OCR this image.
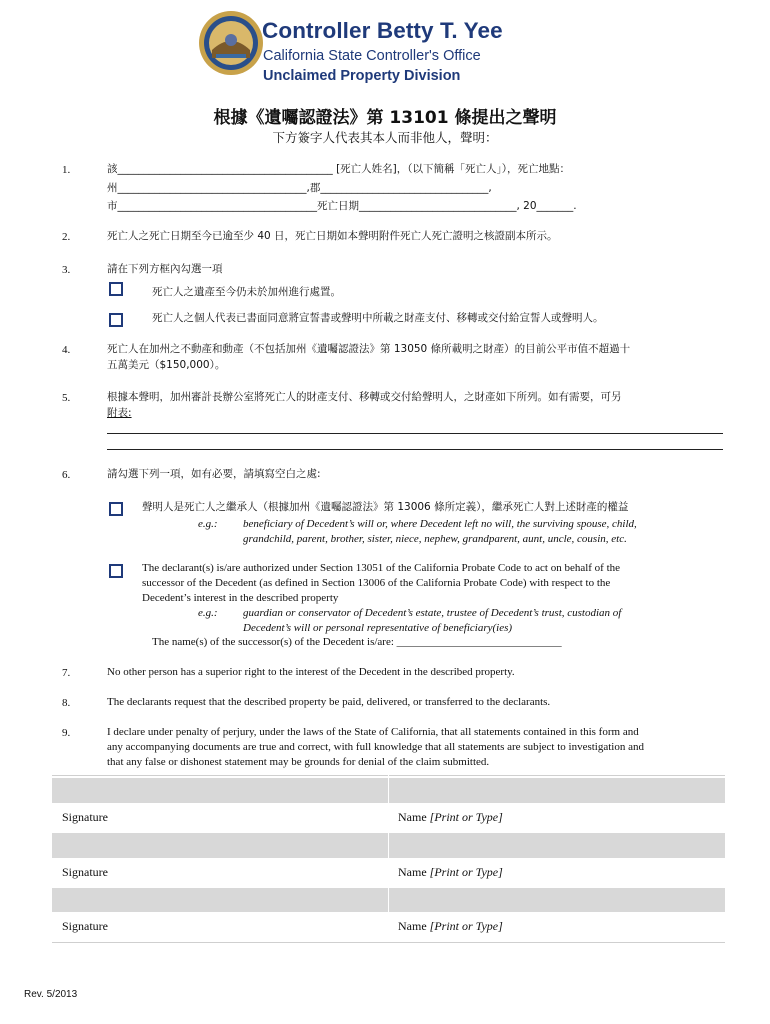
Controller Betty T. Yee
California State Controller's Office
Unclaimed Property Division
根據《遺囑認證法》第 13101 條提出之聲明
下方簽字人代表其本人而非他人，聲明：
1.	該_________________________________________ [死亡人姓名]，（以下簡稱「死亡人」），死亡地點：
州____________________________________,郡________________________________,
市______________________________________死亡日期______________________________, 20_______.
2.	死亡人之死亡日期至今已逾至少 40 日，死亡日期如本聲明附件死亡人死亡證明之核證副本所示。
3.	請在下列方框內勾選一項
死亡人之遺產至今仍未於加州進行處置。
死亡人之個人代表已書面同意將宣誓書或聲明中所載之財產支付、移轉或交付給宣誓人或聲明人。
4.	死亡人在加州之不動產和動產（不包括加州《遺囑認證法》第 13050 條所載明之財產）的目前公平市值不超過十
五萬美元（$150,000）。
5.	根據本聲明，加州審計長辦公室將死亡人的財產支付、移轉或交付給聲明人，之財產如下所列。如有需要，可另
附表:
6.	請勾選下列一項，如有必要，請填寫空白之處:
聲明人是死亡人之繼承人（根據加州《遺囑認證法》第 13006 條所定義），繼承死亡人對上述財產的權益
e.g.: beneficiary of Decedent’s will or, where Decedent left no will, the surviving spouse, child,
grandchild, parent, brother, sister, niece, nephew, grandparent, aunt, uncle, cousin, etc.
The declarant(s) is/are authorized under Section 13051 of the California Probate Code to act on behalf of the
successor of the Decedent (as defined in Section 13006 of the California Probate Code) with respect to the
Decedent’s interest in the described property
e.g.: guardian or conservator of Decedent’s estate, trustee of Decedent’s trust, custodian of
Decedent’s will or personal representative of beneficiary(ies)
The name(s) of the successor(s) of the Decedent is/are: ______________________________
7.	No other person has a superior right to the interest of the Decedent in the described property.
8.	The declarants request that the described property be paid, delivered, or transferred to the declarants.
9.	I declare under penalty of perjury, under the laws of the State of California, that all statements contained in this form and
any accompanying documents are true and correct, with full knowledge that all statements are subject to investigation and
that any false or dishonest statement may be grounds for denial of the claim submitted.
Signature	Name [Print or Type]
Signature	Name [Print or Type]
Signature	Name [Print or Type]
Rev. 5/2013
